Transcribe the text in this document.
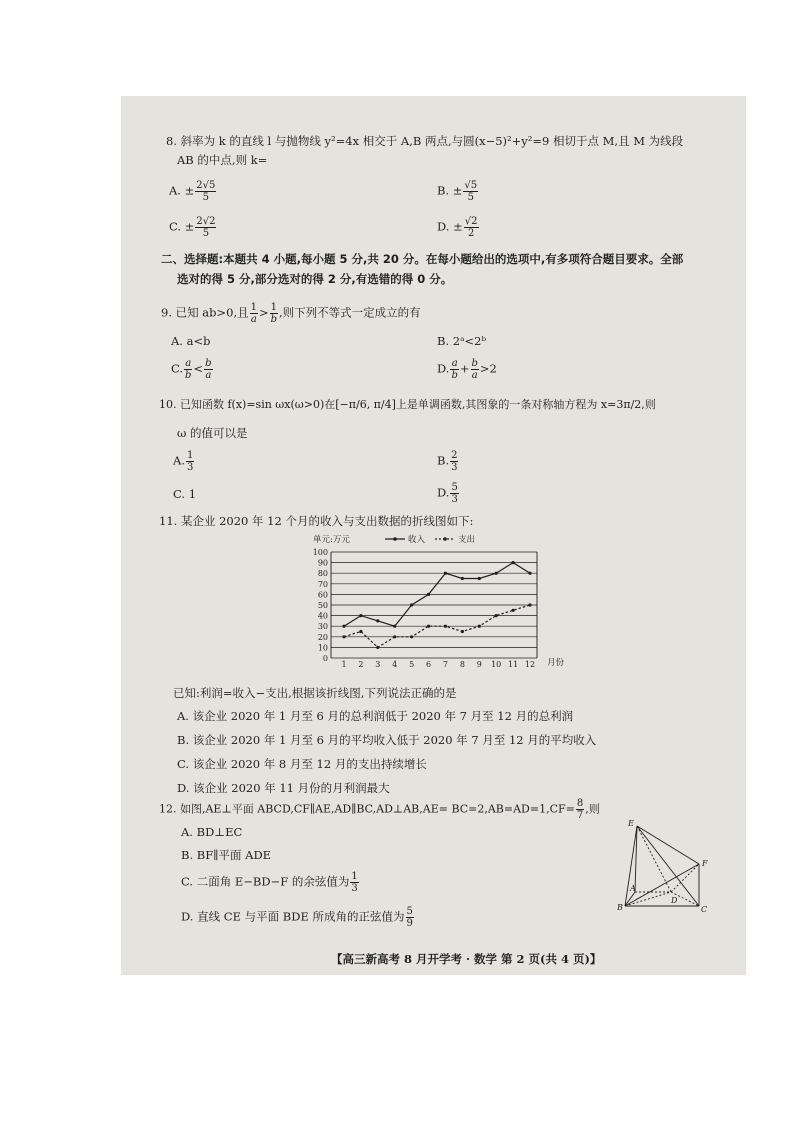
8. 斜率为 k 的直线 l 与抛物线 y²=4x 相交于 A,B 两点,与圆(x−5)²+y²=9 相切于点 M,且 M 为线段
AB 的中点,则 k=
A. ± $\frac{2√5}{5}$	B. ± $\frac{√5}{5}$
C. ± $\frac{2√2}{5}$	D. ± $\frac{√2}{2}$
二、选择题:本题共 4 小题,每小题 5 分,共 20 分。在每小题给出的选项中,有多项符合题目要求。全部
选对的得 5 分,部分选对的得 2 分,有选错的得 0 分。
9. 已知 ab>0,且 $\frac{1}{a} > \frac{1}{b}$ ,则下列不等式一定成立的有
A. a<b	B. 2ᵃ<2ᵇ
C. $\frac{a}{b} < \frac{b}{a}$	D. $\frac{a}{b} + \frac{b}{a} >2$
10. 已知函数 f(x)=sin ωx(ω>0)在[−π/6, π/4]上是单调函数,其图象的一条对称轴方程为 x=3π/2,则
ω 的值可以是
A. $\frac{1}{3}$	B. $\frac{2}{3}$
C. 1	D. $\frac{5}{3}$
11. 某企业 2020 年 12 个月的收入与支出数据的折线图如下:
单元:万元	收入	支出
0
10
20
30
40
50
60
70
80
90
100
1 2 3 4 5 6 7 8 9 10 11 12 月份
已知:利润=收入−支出,根据该折线图,下列说法正确的是
A. 该企业 2020 年 1 月至 6 月的总利润低于 2020 年 7 月至 12 月的总利润
B. 该企业 2020 年 1 月至 6 月的平均收入低于 2020 年 7 月至 12 月的平均收入
C. 该企业 2020 年 8 月至 12 月的支出持续增长
D. 该企业 2020 年 11 月份的月利润最大
12. 如图,AE⊥平面 ABCD,CF∥AE,AD∥BC,AD⊥AB,AE= $BC=2,AB=AD=1,CF= \frac{8}{7}$ ,则
A. BD⊥EC
B. BF∥平面 ADE
C. 二面角 E−BD−F 的余弦值为 $\frac{1}{3}$
D. 直线 CE 与平面 BDE 所成角的正弦值为 $\frac{5}{9}$
E
F
A
B	C
D
【高三新高考 8 月开学考 · 数学 第 2 页(共 4 页)】
